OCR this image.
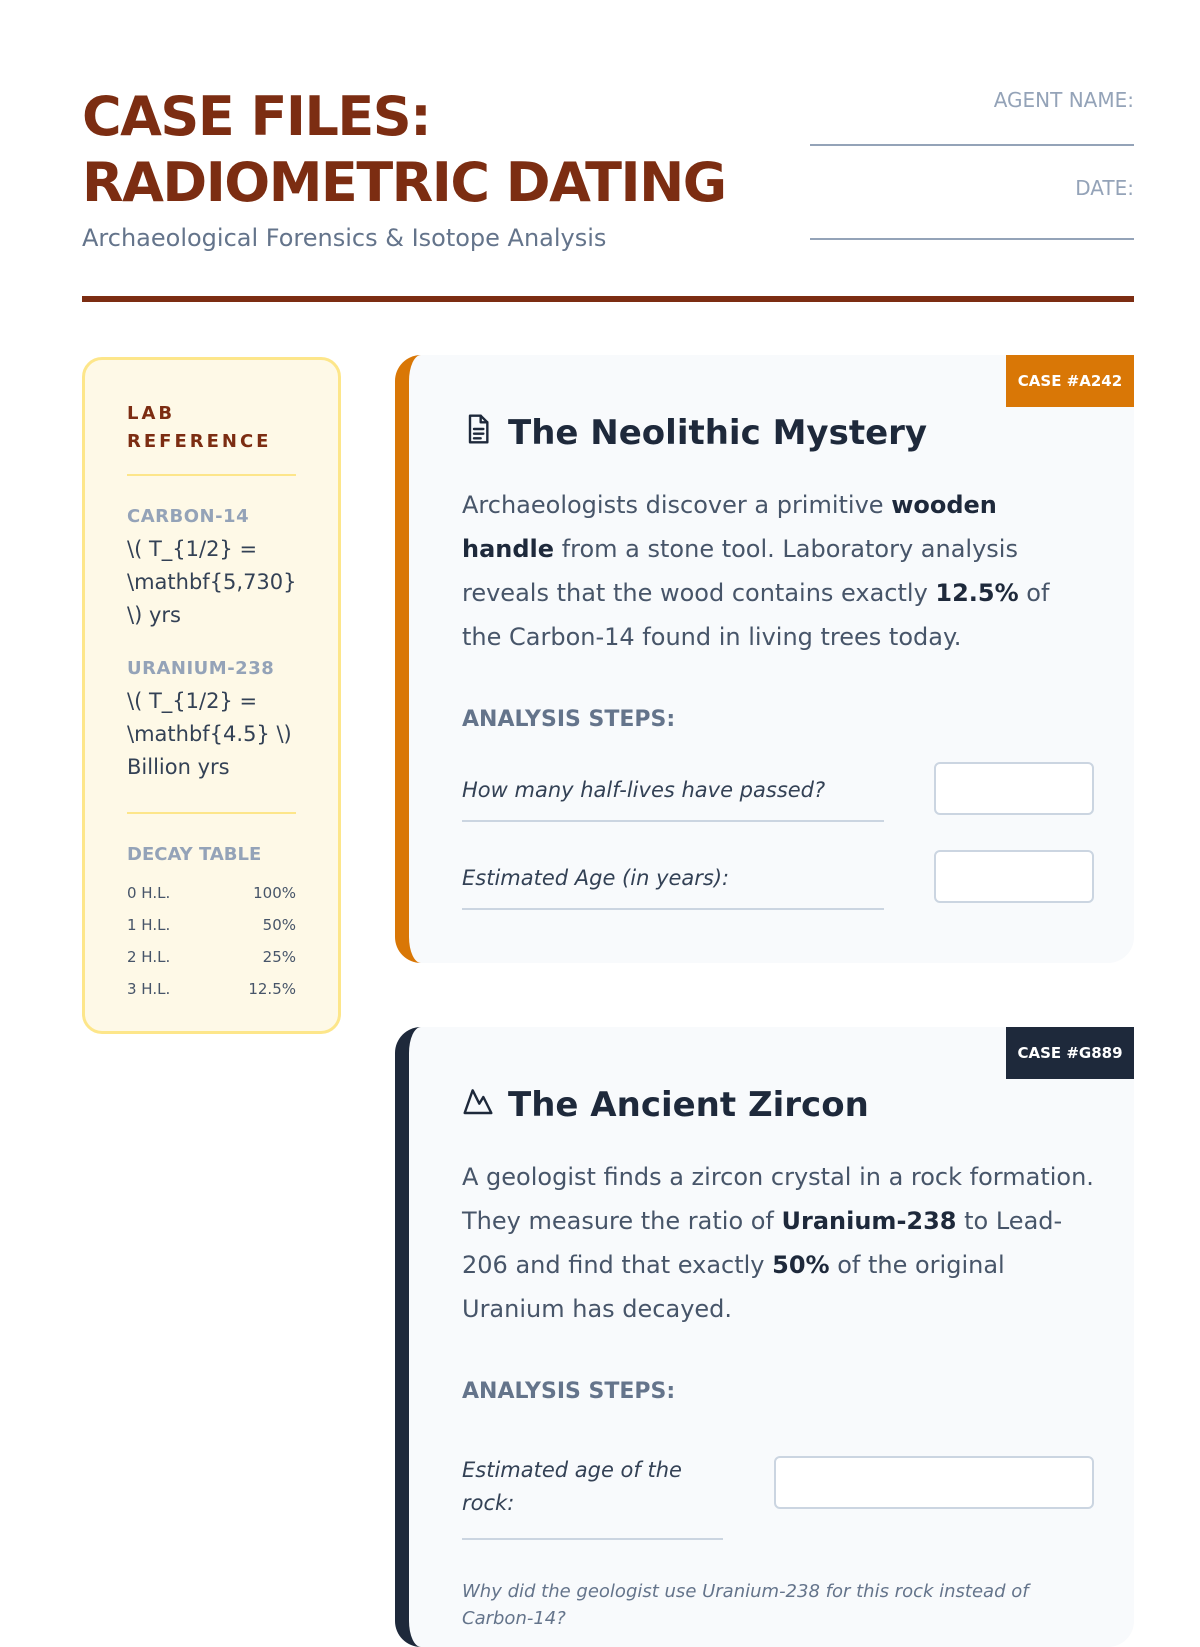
CASE FILES:
RADIOMETRIC DATING
Archaeological Forensics & Isotope Analysis
AGENT NAME:
DATE:
LAB
REFERENCE
CARBON-14
\( T_{1/2} =
\mathbf{5,730}
\) yrs
URANIUM-238
\( T_{1/2} =
\mathbf{4.5} \)
Billion yrs
DECAY TABLE
0 H.L.	100%
1 H.L.	50%
2 H.L.	25%
3 H.L.	12.5%
CASE #A242
The Neolithic Mystery
Archaeologists discover a primitive wooden handle from a stone tool. Laboratory analysis reveals that the wood contains exactly 12.5% of the Carbon-14 found in living trees today.
ANALYSIS STEPS:
How many half-lives have passed?
Estimated Age (in years):
CASE #G889
The Ancient Zircon
A geologist finds a zircon crystal in a rock formation. They measure the ratio of Uranium-238 to Lead-206 and find that exactly 50% of the original Uranium has decayed.
ANALYSIS STEPS:
Estimated age of the rock:
Why did the geologist use Uranium-238 for this rock instead of Carbon-14?
